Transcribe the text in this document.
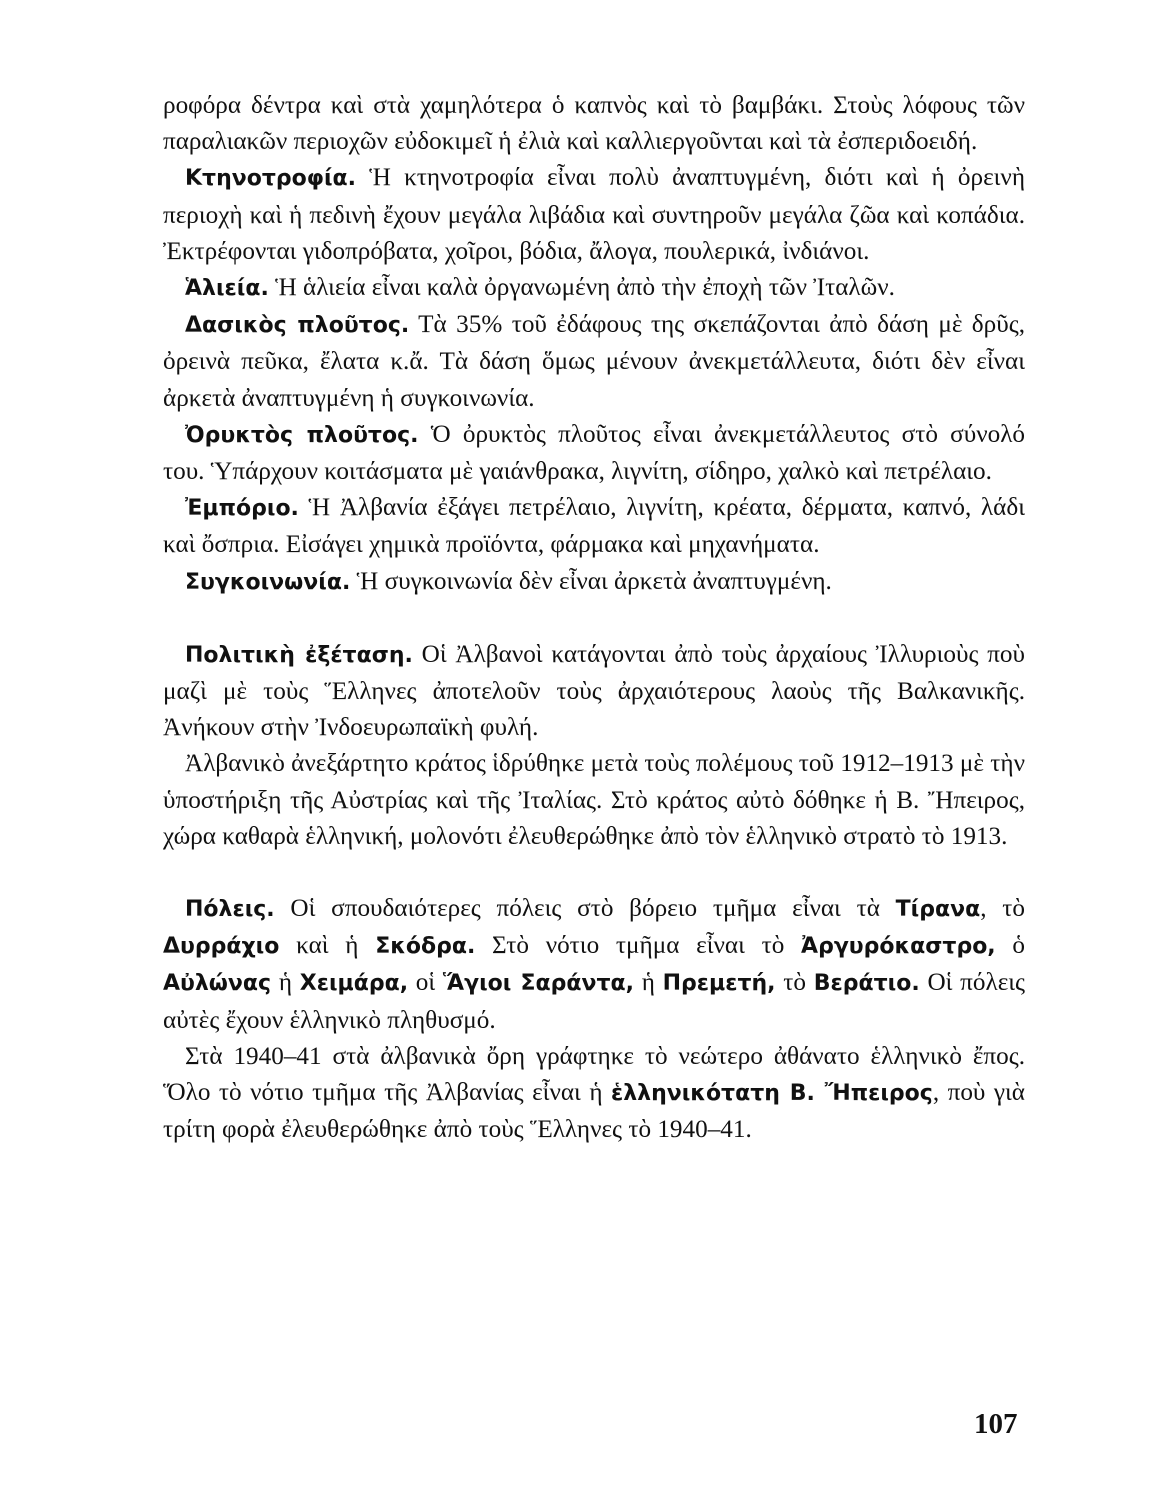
ροφόρα δέντρα καὶ στὰ χαμηλότερα ὁ καπνὸς καὶ τὸ βαμβάκι. Στοὺς λόφους τῶν παραλιακῶν περιοχῶν εὐδοκιμεῖ ἡ ἐλιὰ καὶ καλλιεργοῦνται καὶ τὰ ἐσπεριδοειδή.

Κτηνοτροφία. Ἡ κτηνοτροφία εἶναι πολὺ ἀναπτυγμένη, διότι καὶ ἡ ὀρεινὴ περιοχὴ καὶ ἡ πεδινὴ ἔχουν μεγάλα λιβάδια καὶ συντηροῦν μεγάλα ζῶα καὶ κοπάδια. Ἐκτρέφονται γιδοπρόβατα, χοῖροι, βόδια, ἄλογα, πουλερικά, ἰνδιάνοι.

Ἁλιεία. Ἡ ἁλιεία εἶναι καλὰ ὀργανωμένη ἀπὸ τὴν ἐποχὴ τῶν Ἰταλῶν.

Δασικὸς πλοῦτος. Τὰ 35% τοῦ ἐδάφους της σκεπάζονται ἀπὸ δάση μὲ δρῦς, ὀρεινὰ πεῦκα, ἔλατα κ.ἄ. Τὰ δάση ὅμως μένουν ἀνεκμετάλλευτα, διότι δὲν εἶναι ἀρκετὰ ἀναπτυγμένη ἡ συγκοινωνία.

Ὀρυκτὸς πλοῦτος. Ὁ ὀρυκτὸς πλοῦτος εἶναι ἀνεκμετάλλευτος στὸ σύνολό του. Ὑπάρχουν κοιτάσματα μὲ γαιάνθρακα, λιγνίτη, σίδηρο, χαλκὸ καὶ πετρέλαιο.

Ἐμπόριο. Ἡ Ἀλβανία ἐξάγει πετρέλαιο, λιγνίτη, κρέατα, δέρματα, καπνό, λάδι καὶ ὄσπρια. Εἰσάγει χημικὰ προϊόντα, φάρμακα καὶ μηχανήματα.

Συγκοινωνία. Ἡ συγκοινωνία δὲν εἶναι ἀρκετὰ ἀναπτυγμένη.

Πολιτικὴ ἐξέταση. Οἱ Ἀλβανοὶ κατάγονται ἀπὸ τοὺς ἀρχαίους Ἰλλυριοὺς ποὺ μαζὶ μὲ τοὺς Ἕλληνες ἀποτελοῦν τοὺς ἀρχαιότερους λαοὺς τῆς Βαλκανικῆς. Ἀνήκουν στὴν Ἰνδοευρωπαϊκὴ φυλή.

Ἀλβανικὸ ἀνεξάρτητο κράτος ἱδρύθηκε μετὰ τοὺς πολέμους τοῦ 1912–1913 μὲ τὴν ὑποστήριξη τῆς Αὐστρίας καὶ τῆς Ἰταλίας. Στὸ κράτος αὐτὸ δόθηκε ἡ Β. Ἤπειρος, χώρα καθαρὰ ἑλληνική, μολονότι ἐλευθερώθηκε ἀπὸ τὸν ἑλληνικὸ στρατὸ τὸ 1913.

Πόλεις. Οἱ σπουδαιότερες πόλεις στὸ βόρειο τμῆμα εἶναι τὰ Τίρανα, τὸ Δυρράχιο καὶ ἡ Σκόδρα. Στὸ νότιο τμῆμα εἶναι τὸ Ἀργυρόκαστρο, ὁ Αὐλώνας ἡ Χειμάρα, οἱ Ἅγιοι Σαράντα, ἡ Πρεμετή, τὸ Βεράτιο. Οἱ πόλεις αὐτὲς ἔχουν ἑλληνικὸ πληθυσμό.

Στὰ 1940–41 στὰ ἀλβανικὰ ὄρη γράφτηκε τὸ νεώτερο ἀθάνατο ἑλληνικὸ ἔπος. Ὅλο τὸ νότιο τμῆμα τῆς Ἀλβανίας εἶναι ἡ ἑλληνικότατη Β. Ἤπειρος, ποὺ γιὰ τρίτη φορὰ ἐλευθερώθηκε ἀπὸ τοὺς Ἕλληνες τὸ 1940–41.

107
